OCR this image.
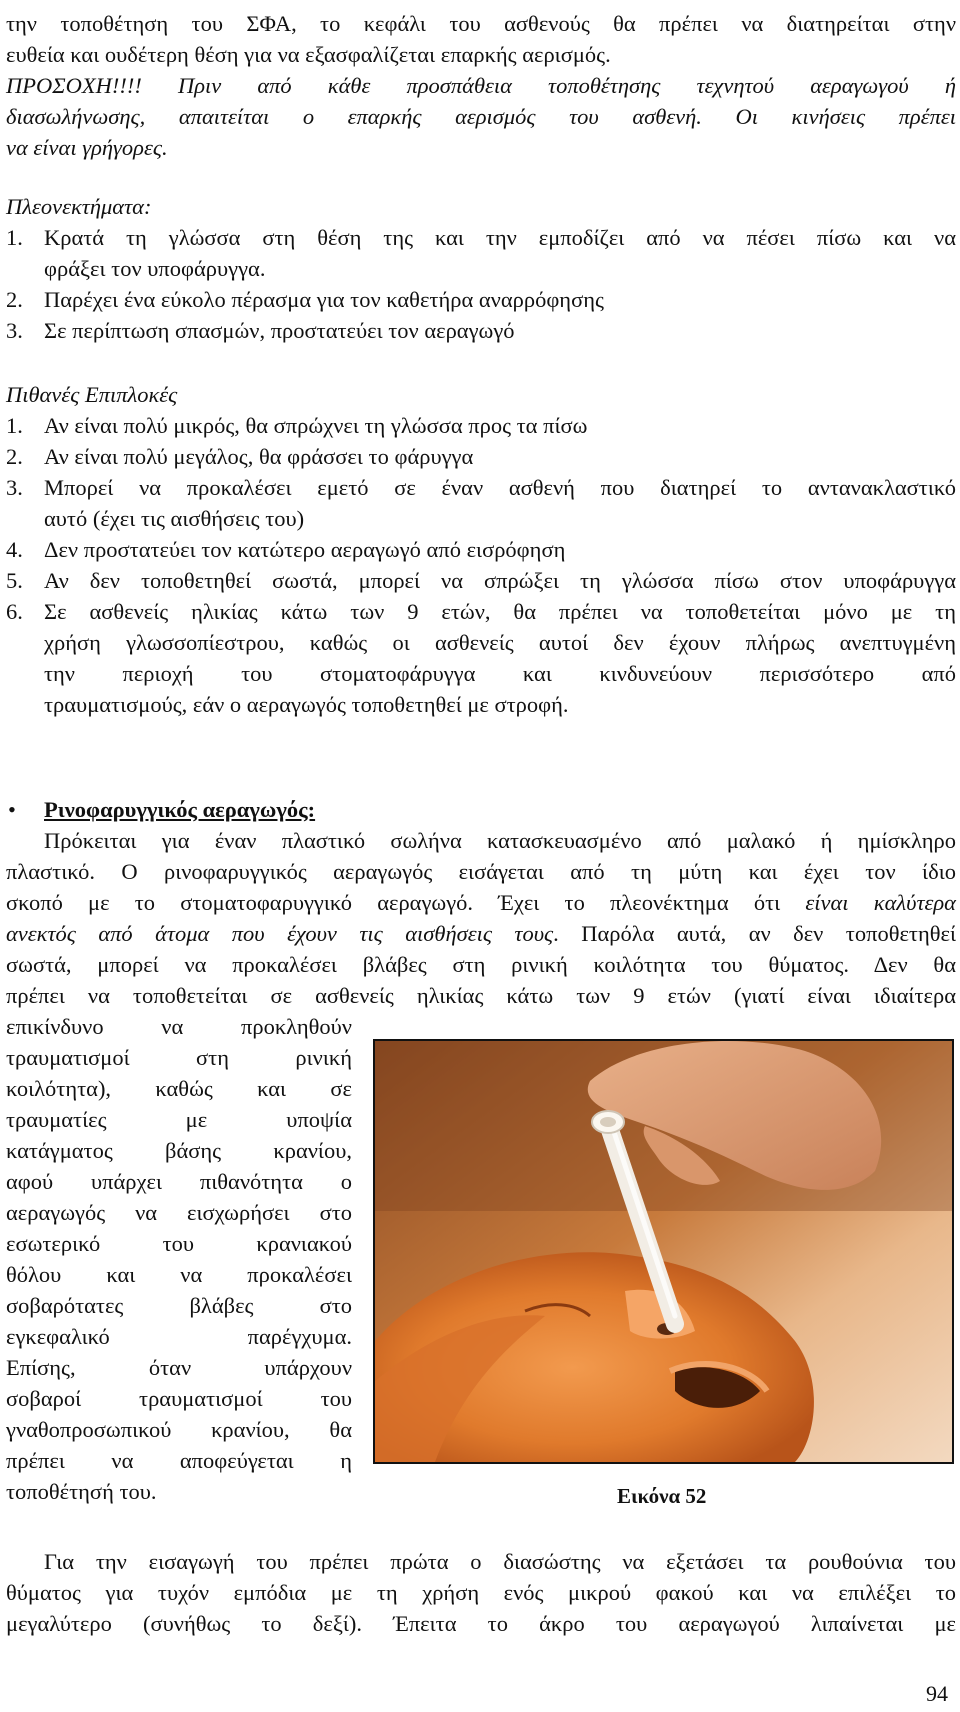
την τοποθέτηση του ΣΦΑ, το κεφάλι του ασθενούς θα πρέπει να διατηρείται στην
ευθεία και ουδέτερη θέση για να εξασφαλίζεται επαρκής αερισμός.
ΠΡΟΣΟΧΗ!!!! Πριν από κάθε προσπάθεια τοποθέτησης τεχνητού αεραγωγού ή
διασωλήνωσης, απαιτείται ο επαρκής αερισμός του ασθενή. Οι κινήσεις πρέπει
να είναι γρήγορες.
Πλεονεκτήματα:
1. Κρατά τη γλώσσα στη θέση της και την εμποδίζει από να πέσει πίσω και να
φράξει τον υποφάρυγγα.
2. Παρέχει ένα εύκολο πέρασμα για τον καθετήρα αναρρόφησης
3. Σε περίπτωση σπασμών, προστατεύει τον αεραγωγό
Πιθανές Επιπλοκές
1. Αν είναι πολύ μικρός, θα σπρώχνει τη γλώσσα προς τα πίσω
2. Αν είναι πολύ μεγάλος, θα φράσσει το φάρυγγα
3. Μπορεί να προκαλέσει εμετό σε έναν ασθενή που διατηρεί το αντανακλαστικό
αυτό (έχει τις αισθήσεις του)
4. Δεν προστατεύει τον κατώτερο αεραγωγό από εισρόφηση
5. Αν δεν τοποθετηθεί σωστά, μπορεί να σπρώξει τη γλώσσα πίσω στον υποφάρυγγα
6. Σε ασθενείς ηλικίας κάτω των 9 ετών, θα πρέπει να τοποθετείται μόνο με τη
χρήση γλωσσοπίεστρου, καθώς οι ασθενείς αυτοί δεν έχουν πλήρως ανεπτυγμένη
την περιοχή του στοματοφάρυγγα και κινδυνεύουν περισσότερο από
τραυματισμούς, εάν ο αεραγωγός τοποθετηθεί με στροφή.
• Ρινοφαρυγγικός αεραγωγός:
Πρόκειται για έναν πλαστικό σωλήνα κατασκευασμένο από μαλακό ή ημίσκληρο
πλαστικό. Ο ρινοφαρυγγικός αεραγωγός εισάγεται από τη μύτη και έχει τον ίδιο
σκοπό με το στοματοφαρυγγικό αεραγωγό. Έχει το πλεονέκτημα ότι είναι καλύτερα
ανεκτός από άτομα που έχουν τις αισθήσεις τους. Παρόλα αυτά, αν δεν τοποθετηθεί
σωστά, μπορεί να προκαλέσει βλάβες στη ρινική κοιλότητα του θύματος. Δεν θα
πρέπει να τοποθετείται σε ασθενείς ηλικίας κάτω των 9 ετών (γιατί είναι ιδιαίτερα
επικίνδυνο να προκληθούν
τραυματισμοί στη ρινική
κοιλότητα), καθώς και σε
τραυματίες με υποψία
κατάγματος βάσης κρανίου,
αφού υπάρχει πιθανότητα ο
αεραγωγός να εισχωρήσει στο
εσωτερικό του κρανιακού
θόλου και να προκαλέσει
σοβαρότατες βλάβες στο
εγκεφαλικό παρέγχυμα.
Επίσης, όταν υπάρχουν
σοβαροί τραυματισμοί του
γναθοπροσωπικού κρανίου, θα
πρέπει να αποφεύγεται η
τοποθέτησή του.	Εικόνα 52
Για την εισαγωγή του πρέπει πρώτα ο διασώστης να εξετάσει τα ρουθούνια του
θύματος για τυχόν εμπόδια με τη χρήση ενός μικρού φακού και να επιλέξει το
μεγαλύτερο (συνήθως το δεξί). Έπειτα το άκρο του αεραγωγού λιπαίνεται με
94
